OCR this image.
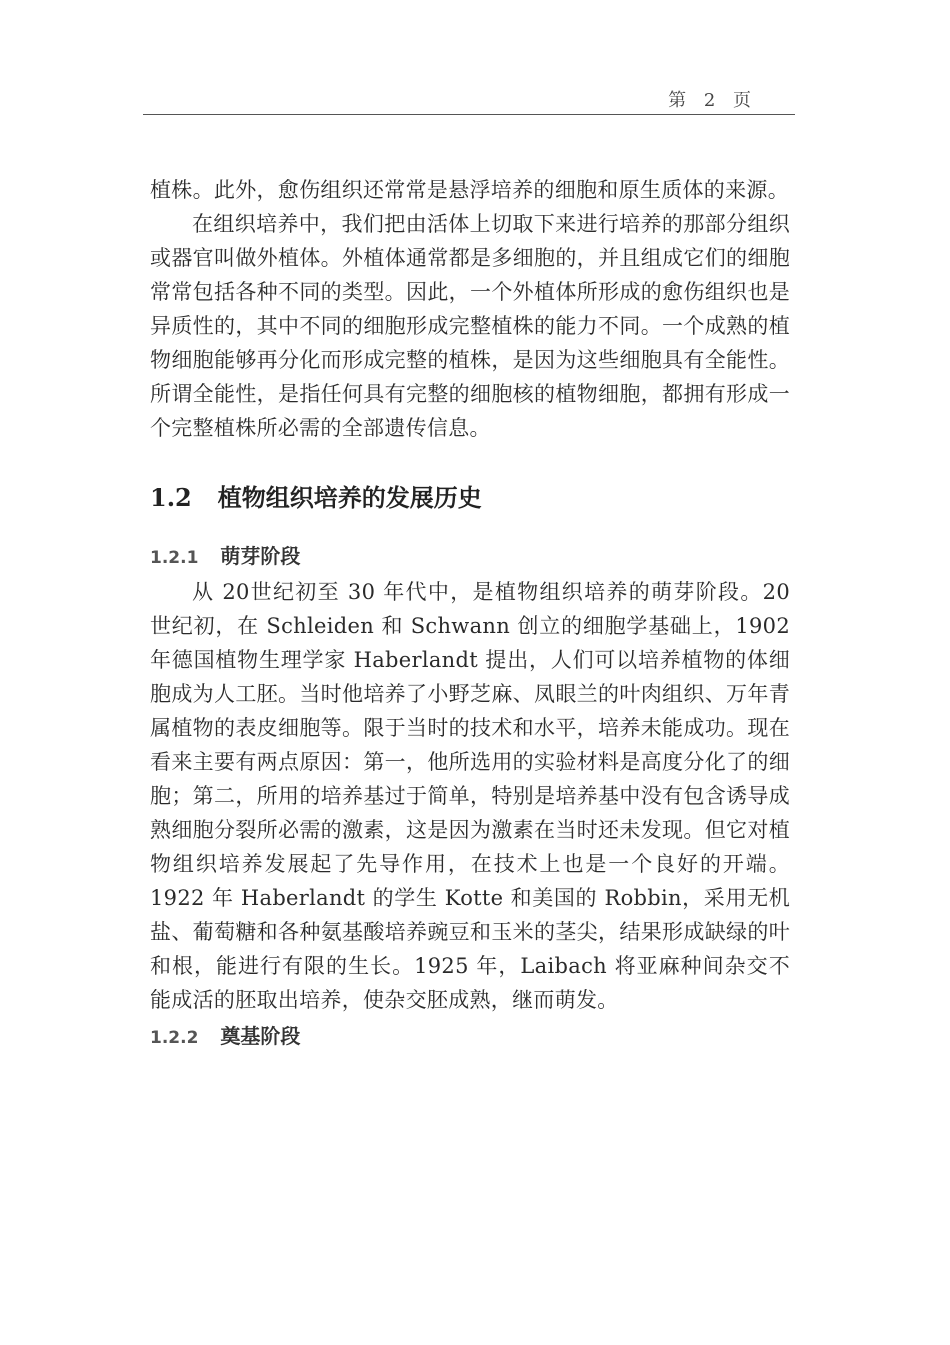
第 2 页

植株。此外，愈伤组织还常常是悬浮培养的细胞和原生质体的来源。

在组织培养中，我们把由活体上切取下来进行培养的那部分组织或器官叫做外植体。外植体通常都是多细胞的，并且组成它们的细胞常常包括各种不同的类型。因此，一个外植体所形成的愈伤组织也是异质性的，其中不同的细胞形成完整植株的能力不同。一个成熟的植物细胞能够再分化而形成完整的植株，是因为这些细胞具有全能性。所谓全能性，是指任何具有完整的细胞核的植物细胞，都拥有形成一个完整植株所必需的全部遗传信息。

1.2 植物组织培养的发展历史
1.2.1 萌芽阶段

从 20世纪初至 30 年代中，是植物组织培养的萌芽阶段。20 世纪初，在 Schleiden 和 Schwann 创立的细胞学基础上，1902 年德国植物生理学家 Haberlandt 提出，人们可以培养植物的体细胞成为人工胚。当时他培养了小野芝麻、凤眼兰的叶肉组织、万年青属植物的表皮细胞等。限于当时的技术和水平，培养未能成功。现在看来主要有两点原因：第一，他所选用的实验材料是高度分化了的细胞；第二，所用的培养基过于简单，特别是培养基中没有包含诱导成熟细胞分裂所必需的激素，这是因为激素在当时还未发现。但它对植物组织培养发展起了先导作用，在技术上也是一个良好的开端。 1922 年 Haberlandt 的学生 Kotte 和美国的 Robbin，采用无机盐、葡萄糖和各种氨基酸培养豌豆和玉米的茎尖，结果形成缺绿的叶和根，能进行有限的生长。1925 年，Laibach 将亚麻种间杂交不能成活的胚取出培养，使杂交胚成熟，继而萌发。

1.2.2 奠基阶段
